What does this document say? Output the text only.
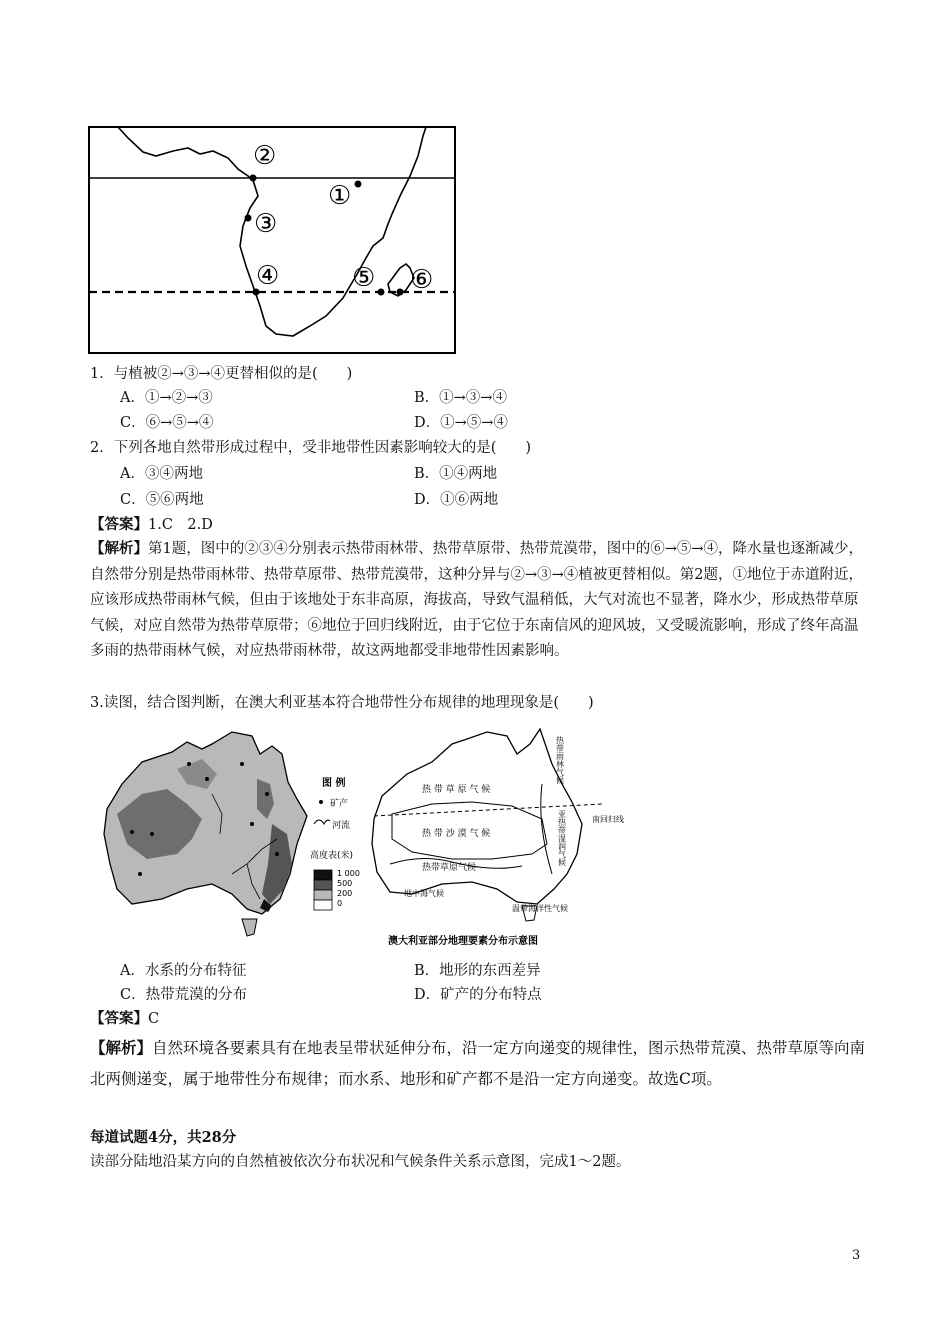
②
①
③
④	⑤ ⑥
1．与植被②→③→④更替相似的是(　　)
A．①→②→③	B．①→③→④
C．⑥→⑤→④	D．①→⑤→④
2．下列各地自然带形成过程中，受非地带性因素影响较大的是(　　)
A．③④两地	B．①④两地
C．⑤⑥两地	D．①⑥两地
【答案】1.C　2.D
【解析】第1题，图中的②③④分别表示热带雨林带、热带草原带、热带荒漠带，图中的⑥→⑤→④，降水量也逐渐减少，自然带分别是热带雨林带、热带草原带、热带荒漠带，这种分异与②→③→④植被更替相似。第2题，①地位于赤道附近，应该形成热带雨林气候，但由于该地处于东非高原，海拔高，导致气温稍低，大气对流也不显著，降水少，形成热带草原气候，对应自然带为热带草原带；⑥地位于回归线附近，由于它位于东南信风的迎风坡，又受暖流影响，形成了终年高温多雨的热带雨林气候，对应热带雨林带，故这两地都受非地带性因素影响。
3.读图，结合图判断，在澳大利亚基本符合地带性分布规律的地理现象是(　　)
图 例
矿产
河流
高度表(米)
1 000
500
200
0
热 带 草 原 气 候
热 带 沙 漠 气 候
热带草原气候
地中海气候
温带海洋性气候
南回归线
热带雨林气候
亚热带湿润气候
澳大利亚部分地理要素分布示意图
A．水系的分布特征	B．地形的东西差异
C．热带荒漠的分布	D．矿产的分布特点
【答案】C
【解析】自然环境各要素具有在地表呈带状延伸分布，沿一定方向递变的规律性，图示热带荒漠、热带草原等向南北两侧递变，属于地带性分布规律；而水系、地形和矿产都不是沿一定方向递变。故选C项。
每道试题4分，共28分
读部分陆地沿某方向的自然植被依次分布状况和气候条件关系示意图，完成1～2题。
3
